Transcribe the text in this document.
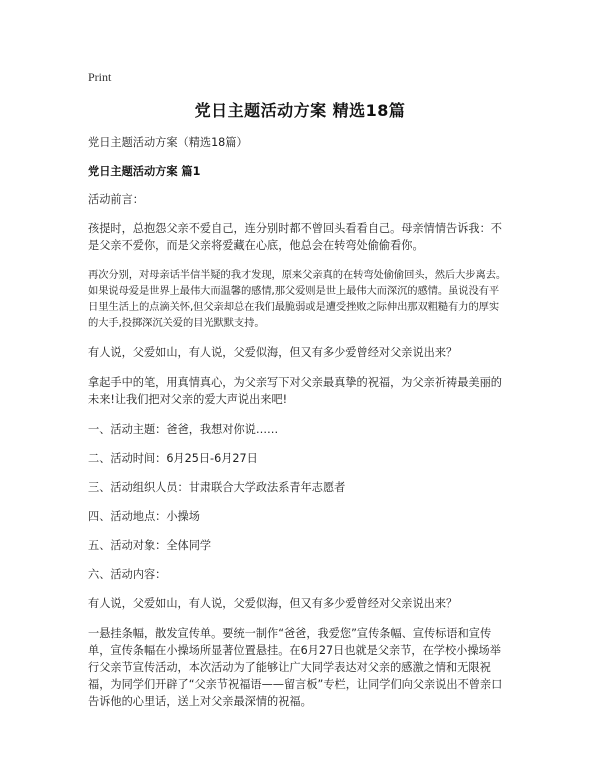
Print
党日主题活动方案 精选18篇
党日主题活动方案（精选18篇）
党日主题活动方案 篇1
活动前言：
孩提时，总抱怨父亲不爱自己，连分别时都不曾回头看看自己。母亲情情告诉我：不是父亲不爱你，而是父亲将爱藏在心底，他总会在转弯处偷偷看你。
再次分别，对母亲话半信半疑的我才发现，原来父亲真的在转弯处偷偷回头，然后大步离去。如果说母爱是世界上最伟大而温馨的感情,那父爱则是世上最伟大而深沉的感情。虽说没有平日里生活上的点滴关怀,但父亲却总在我们最脆弱或是遭受挫败之际伸出那双粗糙有力的厚实的大手,投掷深沉关爱的目光默默支持。
有人说，父爱如山，有人说，父爱似海，但又有多少爱曾经对父亲说出来？
拿起手中的笔，用真情真心，为父亲写下对父亲最真挚的祝福，为父亲祈祷最美丽的未来!让我们把对父亲的爱大声说出来吧!
一、活动主题：爸爸，我想对你说……
二、活动时间：6月25日-6月27日
三、活动组织人员：甘肃联合大学政法系青年志愿者
四、活动地点：小操场
五、活动对象：全体同学
六、活动内容：
有人说，父爱如山，有人说，父爱似海，但又有多少爱曾经对父亲说出来？
一悬挂条幅，散发宣传单。要统一制作“爸爸，我爱您”宣传条幅、宣传标语和宣传单，宣传条幅在小操场所显著位置悬挂。在6月27日也就是父亲节，在学校小操场举行父亲节宣传活动，本次活动为了能够让广大同学表达对父亲的感激之情和无限祝福，为同学们开辟了“父亲节祝福语——留言板”专栏，让同学们向父亲说出不曾亲口告诉他的心里话，送上对父亲最深情的祝福。
